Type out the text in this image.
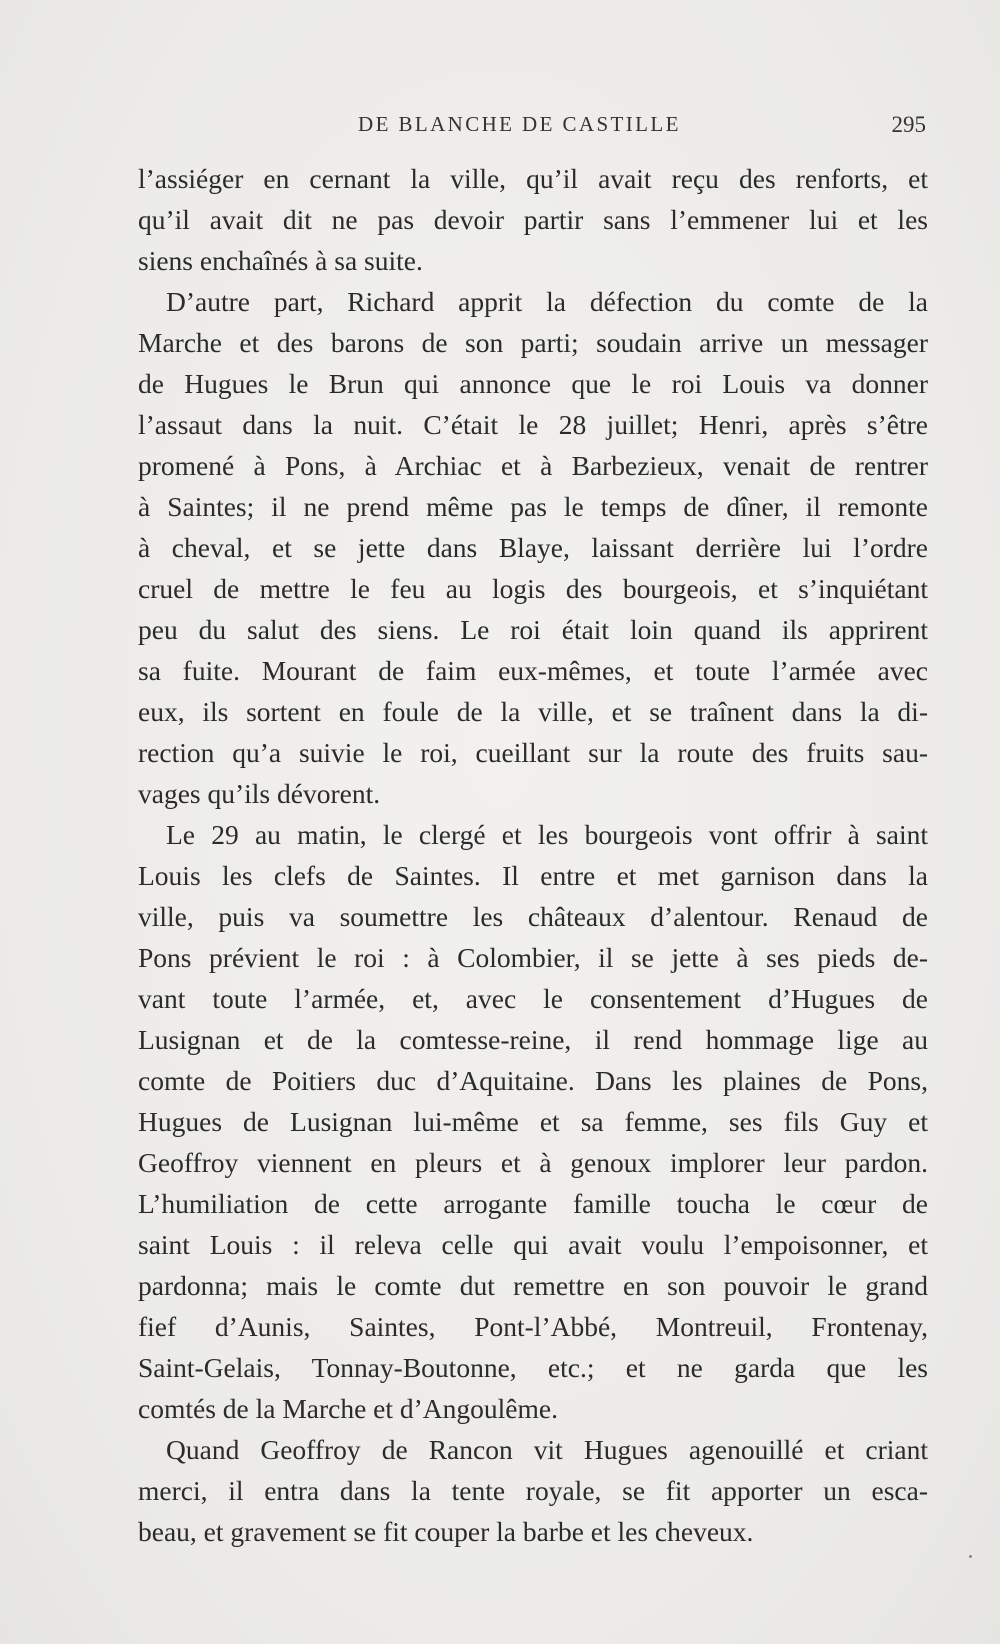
DE BLANCHE DE CASTILLE	295
l’assiéger en cernant la ville, qu’il avait reçu des renforts, et
qu’il avait dit ne pas devoir partir sans l’emmener lui et les
siens enchaînés à sa suite.
D’autre part, Richard apprit la défection du comte de la
Marche et des barons de son parti; soudain arrive un messager
de Hugues le Brun qui annonce que le roi Louis va donner
l’assaut dans la nuit. C’était le 28 juillet; Henri, après s’être
promené à Pons, à Archiac et à Barbezieux, venait de rentrer
à Saintes; il ne prend même pas le temps de dîner, il remonte
à cheval, et se jette dans Blaye, laissant derrière lui l’ordre
cruel de mettre le feu au logis des bourgeois, et s’inquiétant
peu du salut des siens. Le roi était loin quand ils apprirent
sa fuite. Mourant de faim eux-mêmes, et toute l’armée avec
eux, ils sortent en foule de la ville, et se traînent dans la di-
rection qu’a suivie le roi, cueillant sur la route des fruits sau-
vages qu’ils dévorent.
Le 29 au matin, le clergé et les bourgeois vont offrir à saint
Louis les clefs de Saintes. Il entre et met garnison dans la
ville, puis va soumettre les châteaux d’alentour. Renaud de
Pons prévient le roi : à Colombier, il se jette à ses pieds de-
vant toute l’armée, et, avec le consentement d’Hugues de
Lusignan et de la comtesse-reine, il rend hommage lige au
comte de Poitiers duc d’Aquitaine. Dans les plaines de Pons,
Hugues de Lusignan lui-même et sa femme, ses fils Guy et
Geoffroy viennent en pleurs et à genoux implorer leur pardon.
L’humiliation de cette arrogante famille toucha le cœur de
saint Louis : il releva celle qui avait voulu l’empoisonner, et
pardonna; mais le comte dut remettre en son pouvoir le grand
fief d’Aunis, Saintes, Pont-l’Abbé, Montreuil, Frontenay,
Saint-Gelais, Tonnay-Boutonne, etc.; et ne garda que les
comtés de la Marche et d’Angoulême.
Quand Geoffroy de Rancon vit Hugues agenouillé et criant
merci, il entra dans la tente royale, se fit apporter un esca-
beau, et gravement se fit couper la barbe et les cheveux.
